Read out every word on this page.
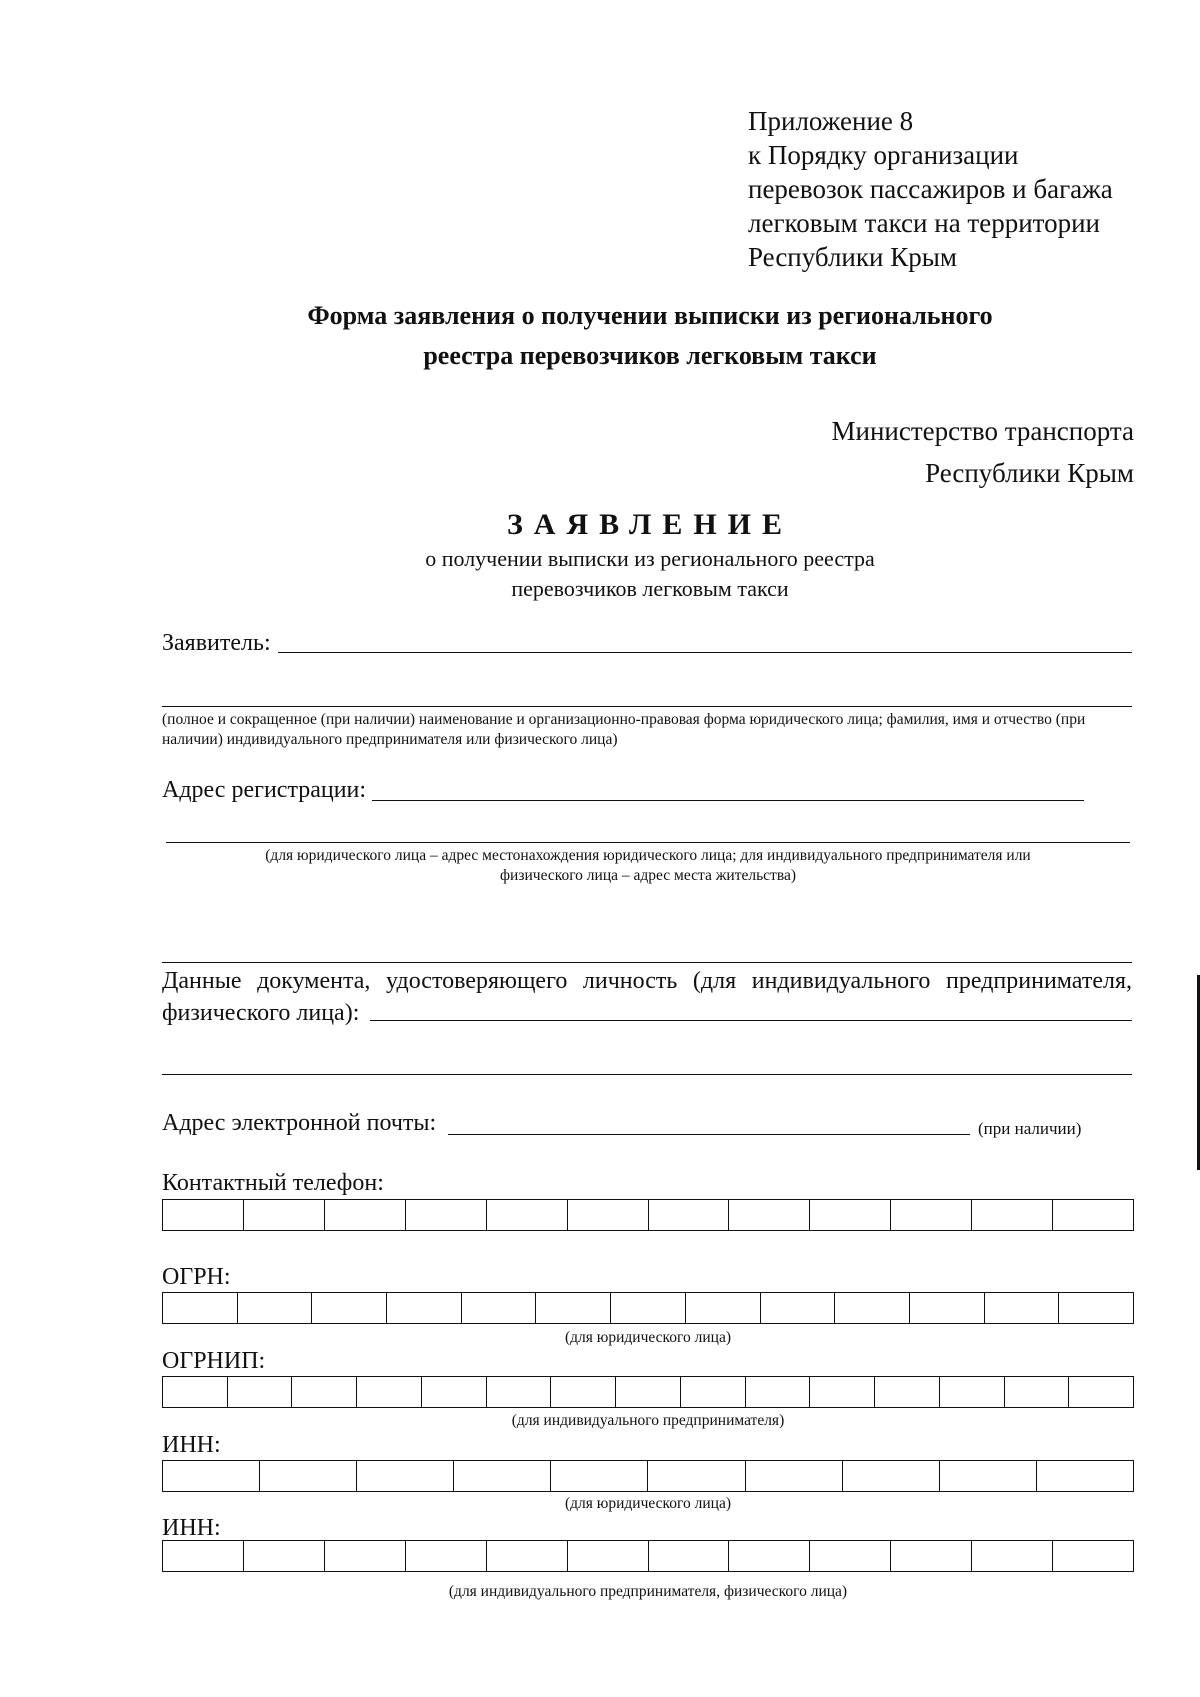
Приложение 8
к Порядку организации
перевозок пассажиров и багажа
легковым такси на территории
Республики Крым
Форма заявления о получении выписки из регионального
реестра перевозчиков легковым такси
Министерство транспорта
Республики Крым
ЗАЯВЛЕНИЕ
о получении выписки из регионального реестра
перевозчиков легковым такси
Заявитель:
(полное и сокращенное (при наличии) наименование и организационно-правовая форма юридического лица; фамилия, имя и отчество (при наличии) индивидуального предпринимателя или физического лица)
Адрес регистрации:
(для юридического лица – адрес местонахождения юридического лица; для индивидуального предпринимателя или
физического лица – адрес места жительства)
Данные документа, удостоверяющего личность (для индивидуального предпринимателя,
физического лица):
Адрес электронной почты:	(при наличии)
Контактный телефон:
ОГРН:
(для юридического лица)
ОГРНИП:
(для индивидуального предпринимателя)
ИНН:
(для юридического лица)
ИНН:
(для индивидуального предпринимателя, физического лица)
